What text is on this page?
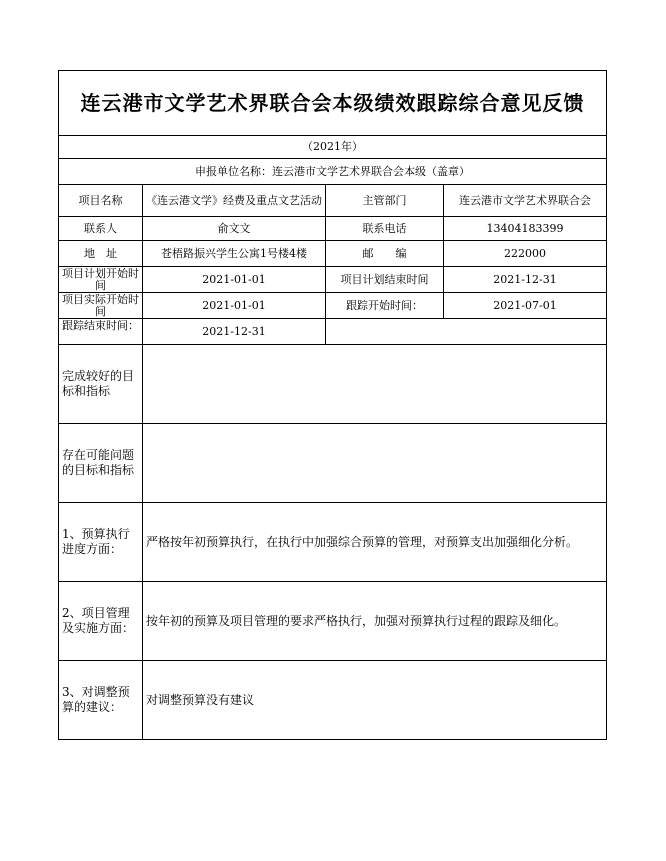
连云港市文学艺术界联合会本级绩效跟踪综合意见反馈			
（2021年）			
申报单位名称：连云港市文学艺术界联合会本级（盖章）			
项目名称	《连云港文学》经费及重点文艺活动	主管部门	连云港市文学艺术界联合会
联系人	俞文文	联系电话	13404183399
地　址	苍梧路振兴学生公寓1号楼4楼	邮　　编	222000

项目计划开始时间	2021-01-01	项目计划结束时间	2021-12-31

项目实际开始时间	2021-01-01	跟踪开始时间：	2021-07-01

跟踪结束时间：	2021-12-31		
完成较好的目标和指标			
存在可能问题的目标和指标			
1、预算执行进度方面：	严格按年初预算执行，在执行中加强综合预算的管理，对预算支出加强细化分析。		
2、项目管理及实施方面：	按年初的预算及项目管理的要求严格执行，加强对预算执行过程的跟踪及细化。		
3、对调整预算的建议：	对调整预算没有建议		
